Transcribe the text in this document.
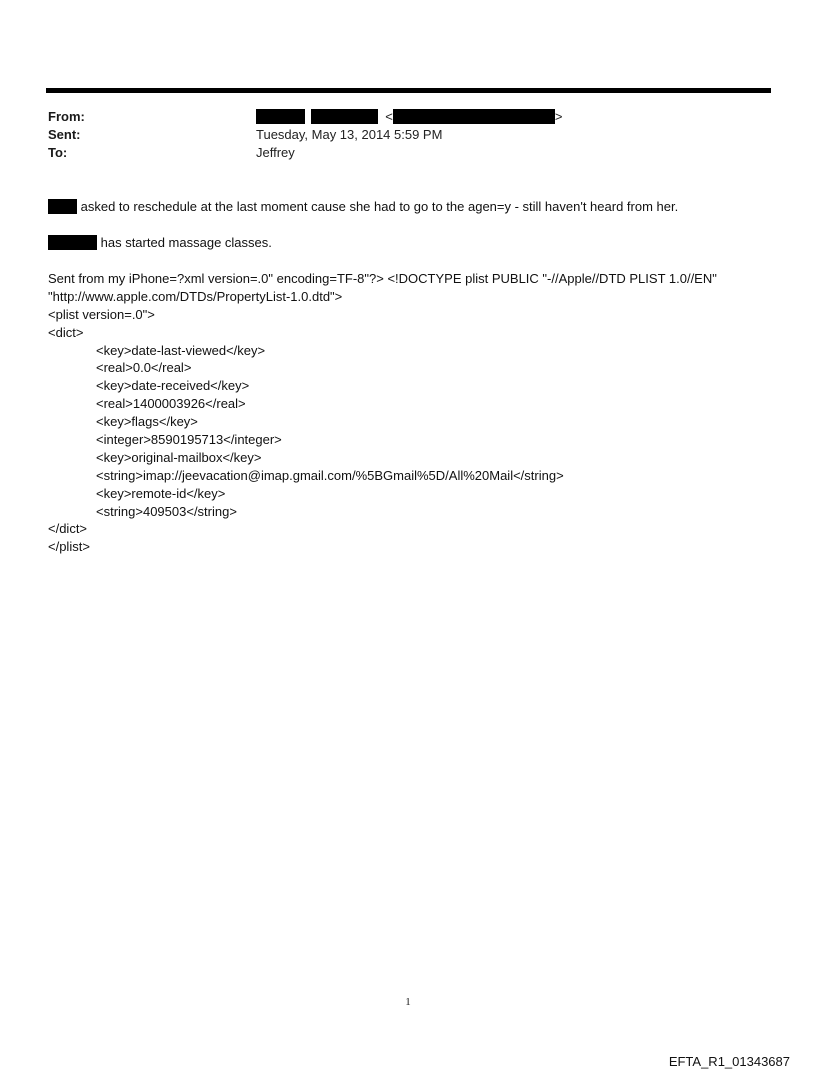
From:	<	>
Sent:	Tuesday, May 13, 2014 5:59 PM
To:	Jeffrey
asked to reschedule at the last moment cause she had to go to the agen=y - still haven't heard from her.
has started massage classes.
Sent from my iPhone=?xml version=.0" encoding=TF-8"?> <!DOCTYPE plist PUBLIC "-//Apple//DTD PLIST 1.0//EN"
"http://www.apple.com/DTDs/PropertyList-1.0.dtd">
<plist version=.0">
<dict>
<key>date-last-viewed</key>
<real>0.0</real>
<key>date-received</key>
<real>1400003926</real>
<key>flags</key>
<integer>8590195713</integer>
<key>original-mailbox</key>
<string>imap://jeevacation@imap.gmail.com/%5BGmail%5D/All%20Mail</string>
<key>remote-id</key>
<string>409503</string>
</dict>
</plist>
1
EFTA_R1_01343687
